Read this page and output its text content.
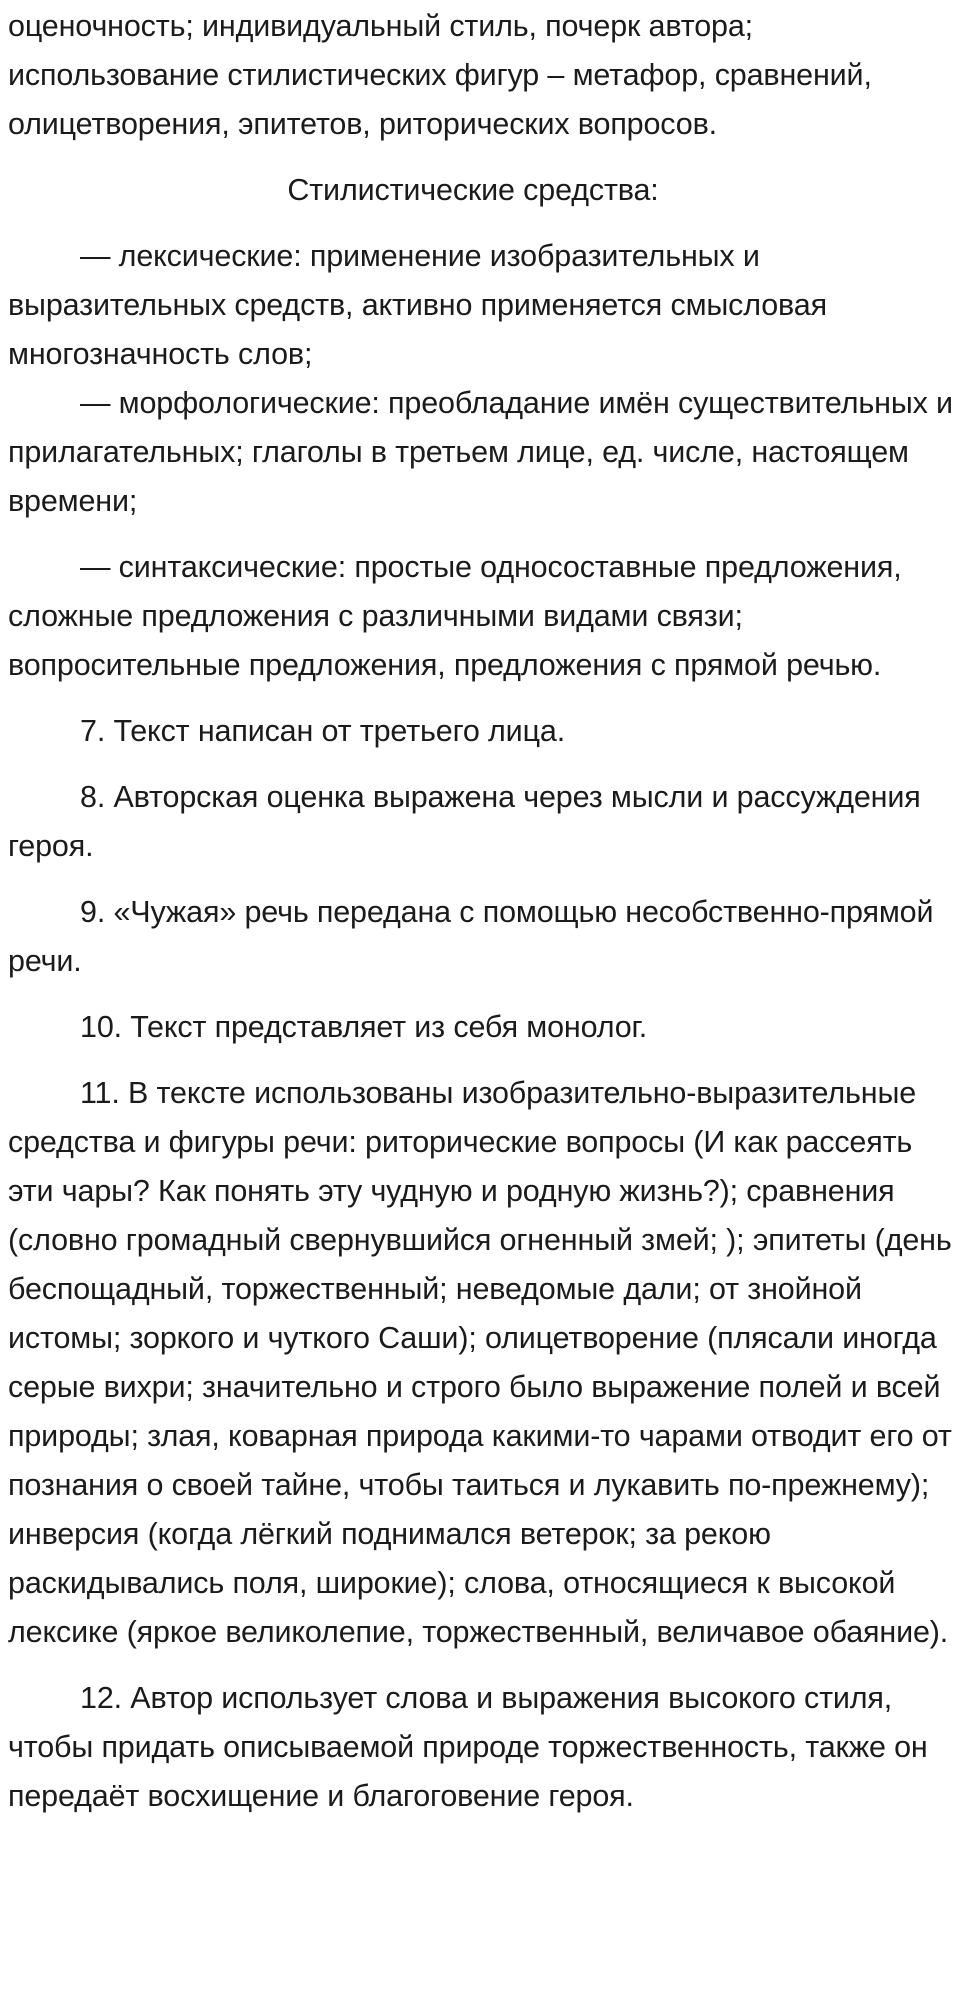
оценочность; индивидуальный стиль, почерк автора; использование стилистических фигур – метафор, сравнений, олицетворения, эпитетов, риторических вопросов.

Стилистические средства:

— лексические: применение изобразительных и выразительных средств, активно применяется смысловая многозначность слов;

— морфологические: преобладание имён существительных и прилагательных; глаголы в третьем лице, ед. числе, настоящем времени;

— синтаксические: простые односоставные предложения, сложные предложения с различными видами связи; вопросительные предложения, предложения с прямой речью.

7. Текст написан от третьего лица.

8. Авторская оценка выражена через мысли и рассуждения героя.

9. «Чужая» речь передана с помощью несобственно-прямой речи.

10. Текст представляет из себя монолог.

11. В тексте использованы изобразительно-выразительные средства и фигуры речи: риторические вопросы (И как рассеять эти чары? Как понять эту чудную и родную жизнь?); сравнения (словно громадный свернувшийся огненный змей; ); эпитеты (день беспощадный, торжественный; неведомые дали; от знойной истомы; зоркого и чуткого Саши); олицетворение (плясали иногда серые вихри; значительно и строго было выражение полей и всей природы; злая, коварная природа какими-то чарами отводит его от познания о своей тайне, чтобы таиться и лукавить по-прежнему); инверсия (когда лёгкий поднимался ветерок; за рекою раскидывались поля, широкие); слова, относящиеся к высокой лексике (яркое великолепие, торжественный, величавое обаяние).

12. Автор использует слова и выражения высокого стиля, чтобы придать описываемой природе торжественность, также он передаёт восхищение и благоговение героя.
